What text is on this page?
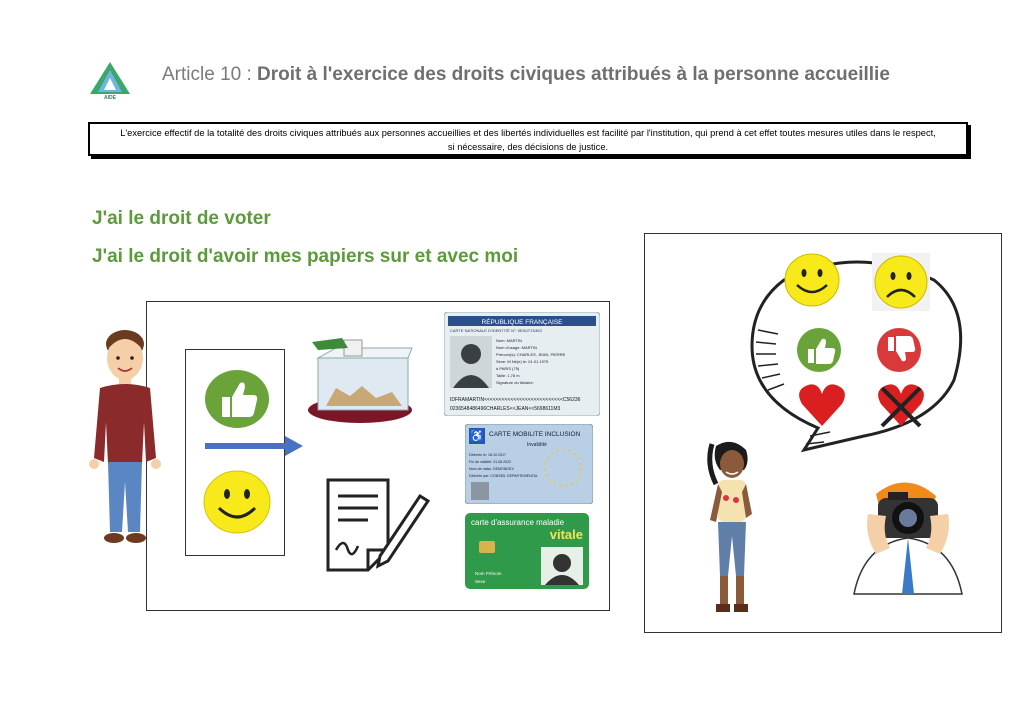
AIDE
Article 10 : Droit à l'exercice des droits civiques attribués à la personne accueillie
L'exercice effectif de la totalité des droits civiques attribués aux personnes accueillies et des libertés individuelles est facilité par l'institution, qui prend à cet effet toutes mesures utiles dans le respect,
si nécessaire, des décisions de justice.
J'ai le droit de voter
J'ai le droit d'avoir mes papiers sur et avec moi
RÉPUBLIQUE FRANÇAISE
CARTE NATIONALE D'IDENTITÉ N°: 0E0UT1S4E2
Nom: MARTIN
Nom d'usage: MARTIN
Prénom(s): CHARLES, JEAN, PIERRE
Sexe: M Né(e) le: 01.01.1975
à PARIS (75)
Taille: 1,78 m
Signature du titulaire:
IDFRAMARTIN<<<<<<<<<<<<<<<<<<<<<<<<<<<C56236
0236548486496CHARLES<<JEAN<<5698611M3
♿ CARTE MOBILITE INCLUSION
Invalidité
Délivrée le: 18.10.2017
Fin de validité: 31.08.2022
Nom de naiss: DEMONDEX
Délivrée par: CONSEIL DEPARTEMENTAL
carte d'assurance maladie
vitale
Nom Prénom
Sexe
